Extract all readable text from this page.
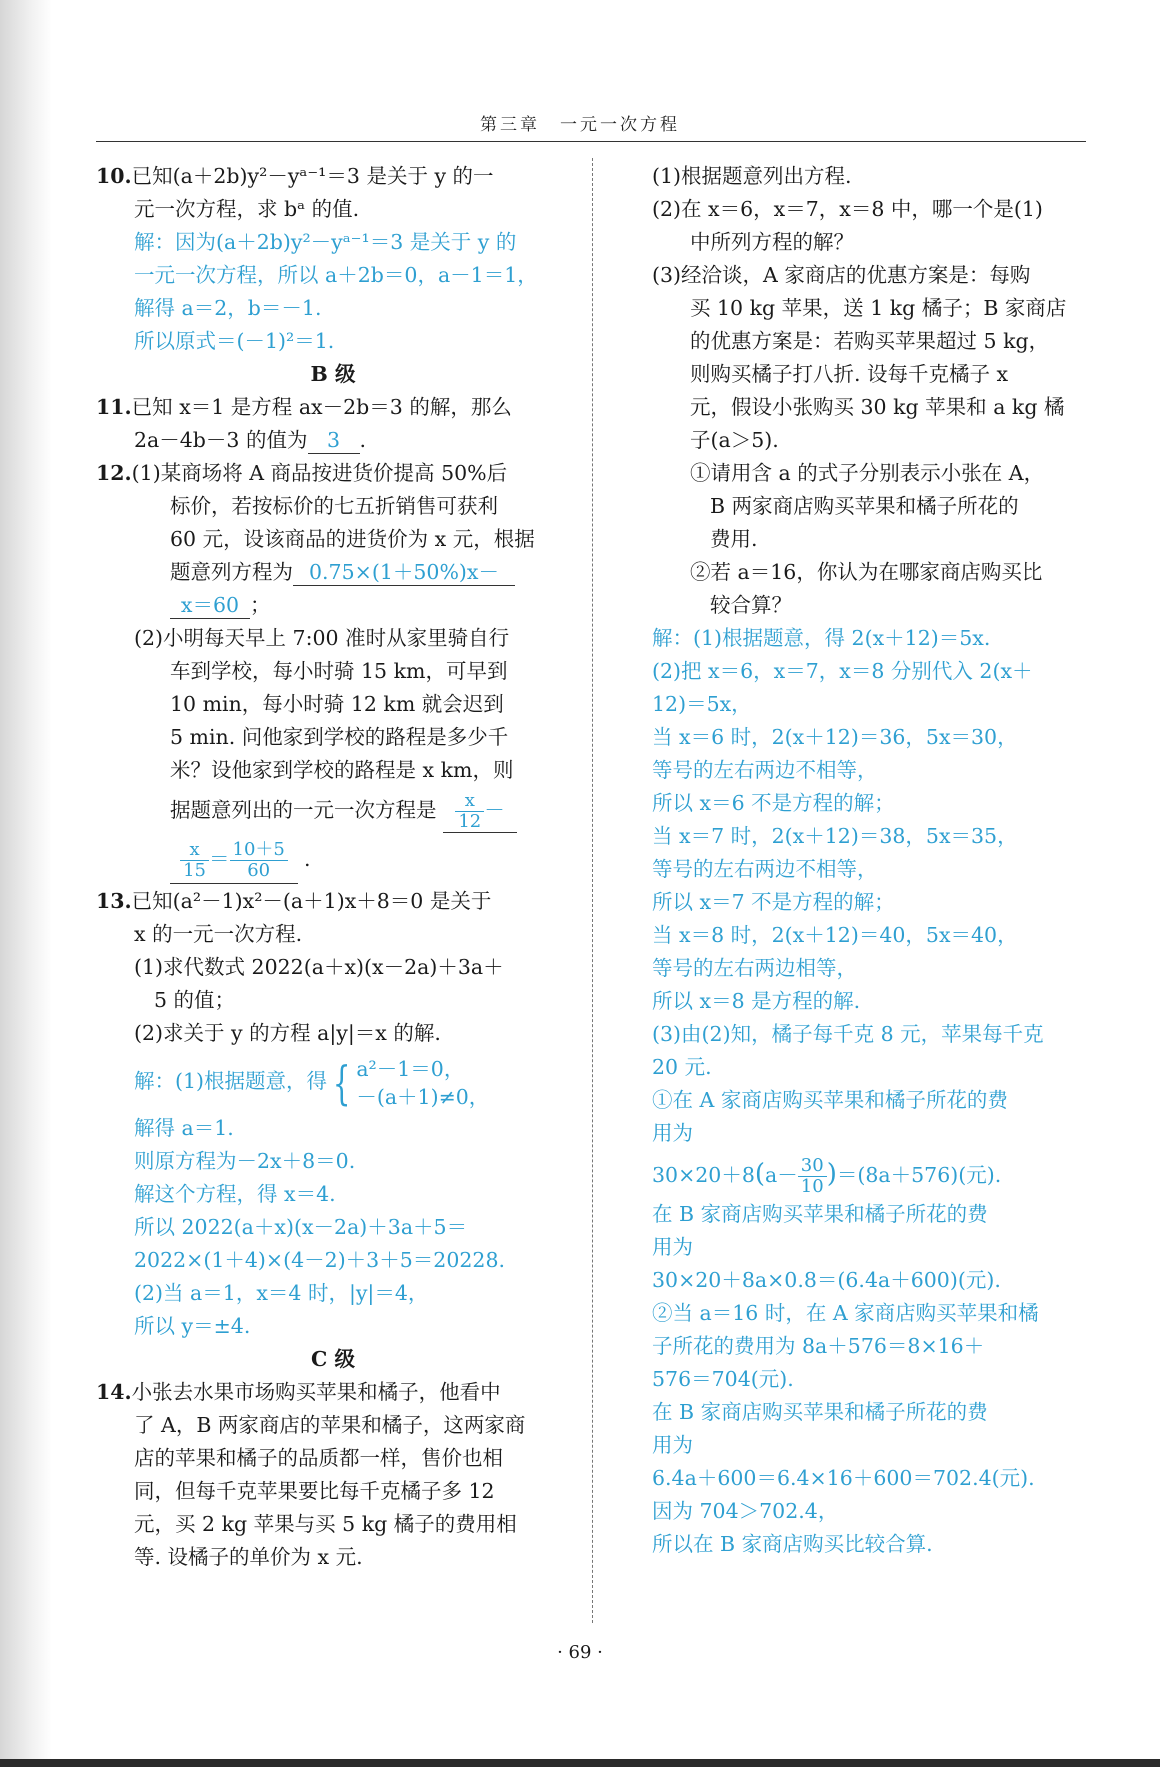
第三章　一元一次方程
10.已知(a＋2b)y²－yᵃ⁻¹＝3 是关于 y 的一
元一次方程，求 bᵃ 的值.
解：因为(a＋2b)y²－yᵃ⁻¹＝3 是关于 y 的
一元一次方程，所以 a＋2b＝0，a－1＝1，
解得 a＝2，b＝－1.
所以原式＝(－1)²＝1.
B 级
11.已知 x＝1 是方程 ax－2b＝3 的解，那么
2a－4b－3 的值为 3 .
12.(1)某商场将 A 商品按进货价提高 50%后
标价，若按标价的七五折销售可获利
60 元，设该商品的进货价为 x 元，根据
题意列方程为 0.75×(1＋50%)x－
x＝60 ；
(2)小明每天早上 7:00 准时从家里骑自行
车到学校，每小时骑 15 km，可早到
10 min，每小时骑 12 km 就会迟到
5 min. 问他家到学校的路程是多少千
米？设他家到学校的路程是 x km，则
据题意列出的一元一次方程是 $\frac{x}{12}$ －
$\frac{x}{15} = \frac{10+5}{60}$ .
13.已知(a²－1)x²－(a＋1)x＋8＝0 是关于
x 的一元一次方程.
(1)求代数式 2022(a＋x)(x－2a)＋3a＋
5 的值；
(2)求关于 y 的方程 a|y|＝x 的解.
解：(1)根据题意，得 { a²－1＝0，
－(a＋1)≠0，
解得 a＝1.
则原方程为－2x＋8＝0.
解这个方程，得 x＝4.
所以 2022(a＋x)(x－2a)＋3a＋5＝
2022×(1＋4)×(4－2)＋3＋5＝20228.
(2)当 a＝1，x＝4 时，|y|＝4，
所以 y＝±4.
C 级
14.小张去水果市场购买苹果和橘子，他看中
了 A，B 两家商店的苹果和橘子，这两家商
店的苹果和橘子的品质都一样，售价也相
同，但每千克苹果要比每千克橘子多 12
元，买 2 kg 苹果与买 5 kg 橘子的费用相
等. 设橘子的单价为 x 元.
(1)根据题意列出方程.
(2)在 x＝6，x＝7，x＝8 中，哪一个是(1)
中所列方程的解？
(3)经洽谈，A 家商店的优惠方案是：每购
买 10 kg 苹果，送 1 kg 橘子；B 家商店
的优惠方案是：若购买苹果超过 5 kg，
则购买橘子打八折. 设每千克橘子 x
元，假设小张购买 30 kg 苹果和 a kg 橘
子(a＞5).
①请用含 a 的式子分别表示小张在 A，
B 两家商店购买苹果和橘子所花的
费用.
②若 a＝16，你认为在哪家商店购买比
较合算？
解：(1)根据题意，得 2(x＋12)＝5x.
(2)把 x＝6，x＝7，x＝8 分别代入 2(x＋
12)＝5x，
当 x＝6 时，2(x＋12)＝36，5x＝30，
等号的左右两边不相等，
所以 x＝6 不是方程的解；
当 x＝7 时，2(x＋12)＝38，5x＝35，
等号的左右两边不相等，
所以 x＝7 不是方程的解；
当 x＝8 时，2(x＋12)＝40，5x＝40，
等号的左右两边相等，
所以 x＝8 是方程的解.
(3)由(2)知，橘子每千克 8 元，苹果每千克
20 元.
①在 A 家商店购买苹果和橘子所花的费
用为
$30\times 20+8(a- \frac{30}{10} )=(8a+576)$(元).
在 B 家商店购买苹果和橘子所花的费
用为
30×20＋8a×0.8＝(6.4a＋600)(元).
②当 a＝16 时，在 A 家商店购买苹果和橘
子所花的费用为 8a＋576＝8×16＋
576＝704(元).
在 B 家商店购买苹果和橘子所花的费
用为
6.4a＋600＝6.4×16＋600＝702.4(元).
因为 704＞702.4，
所以在 B 家商店购买比较合算.
· 69 ·
